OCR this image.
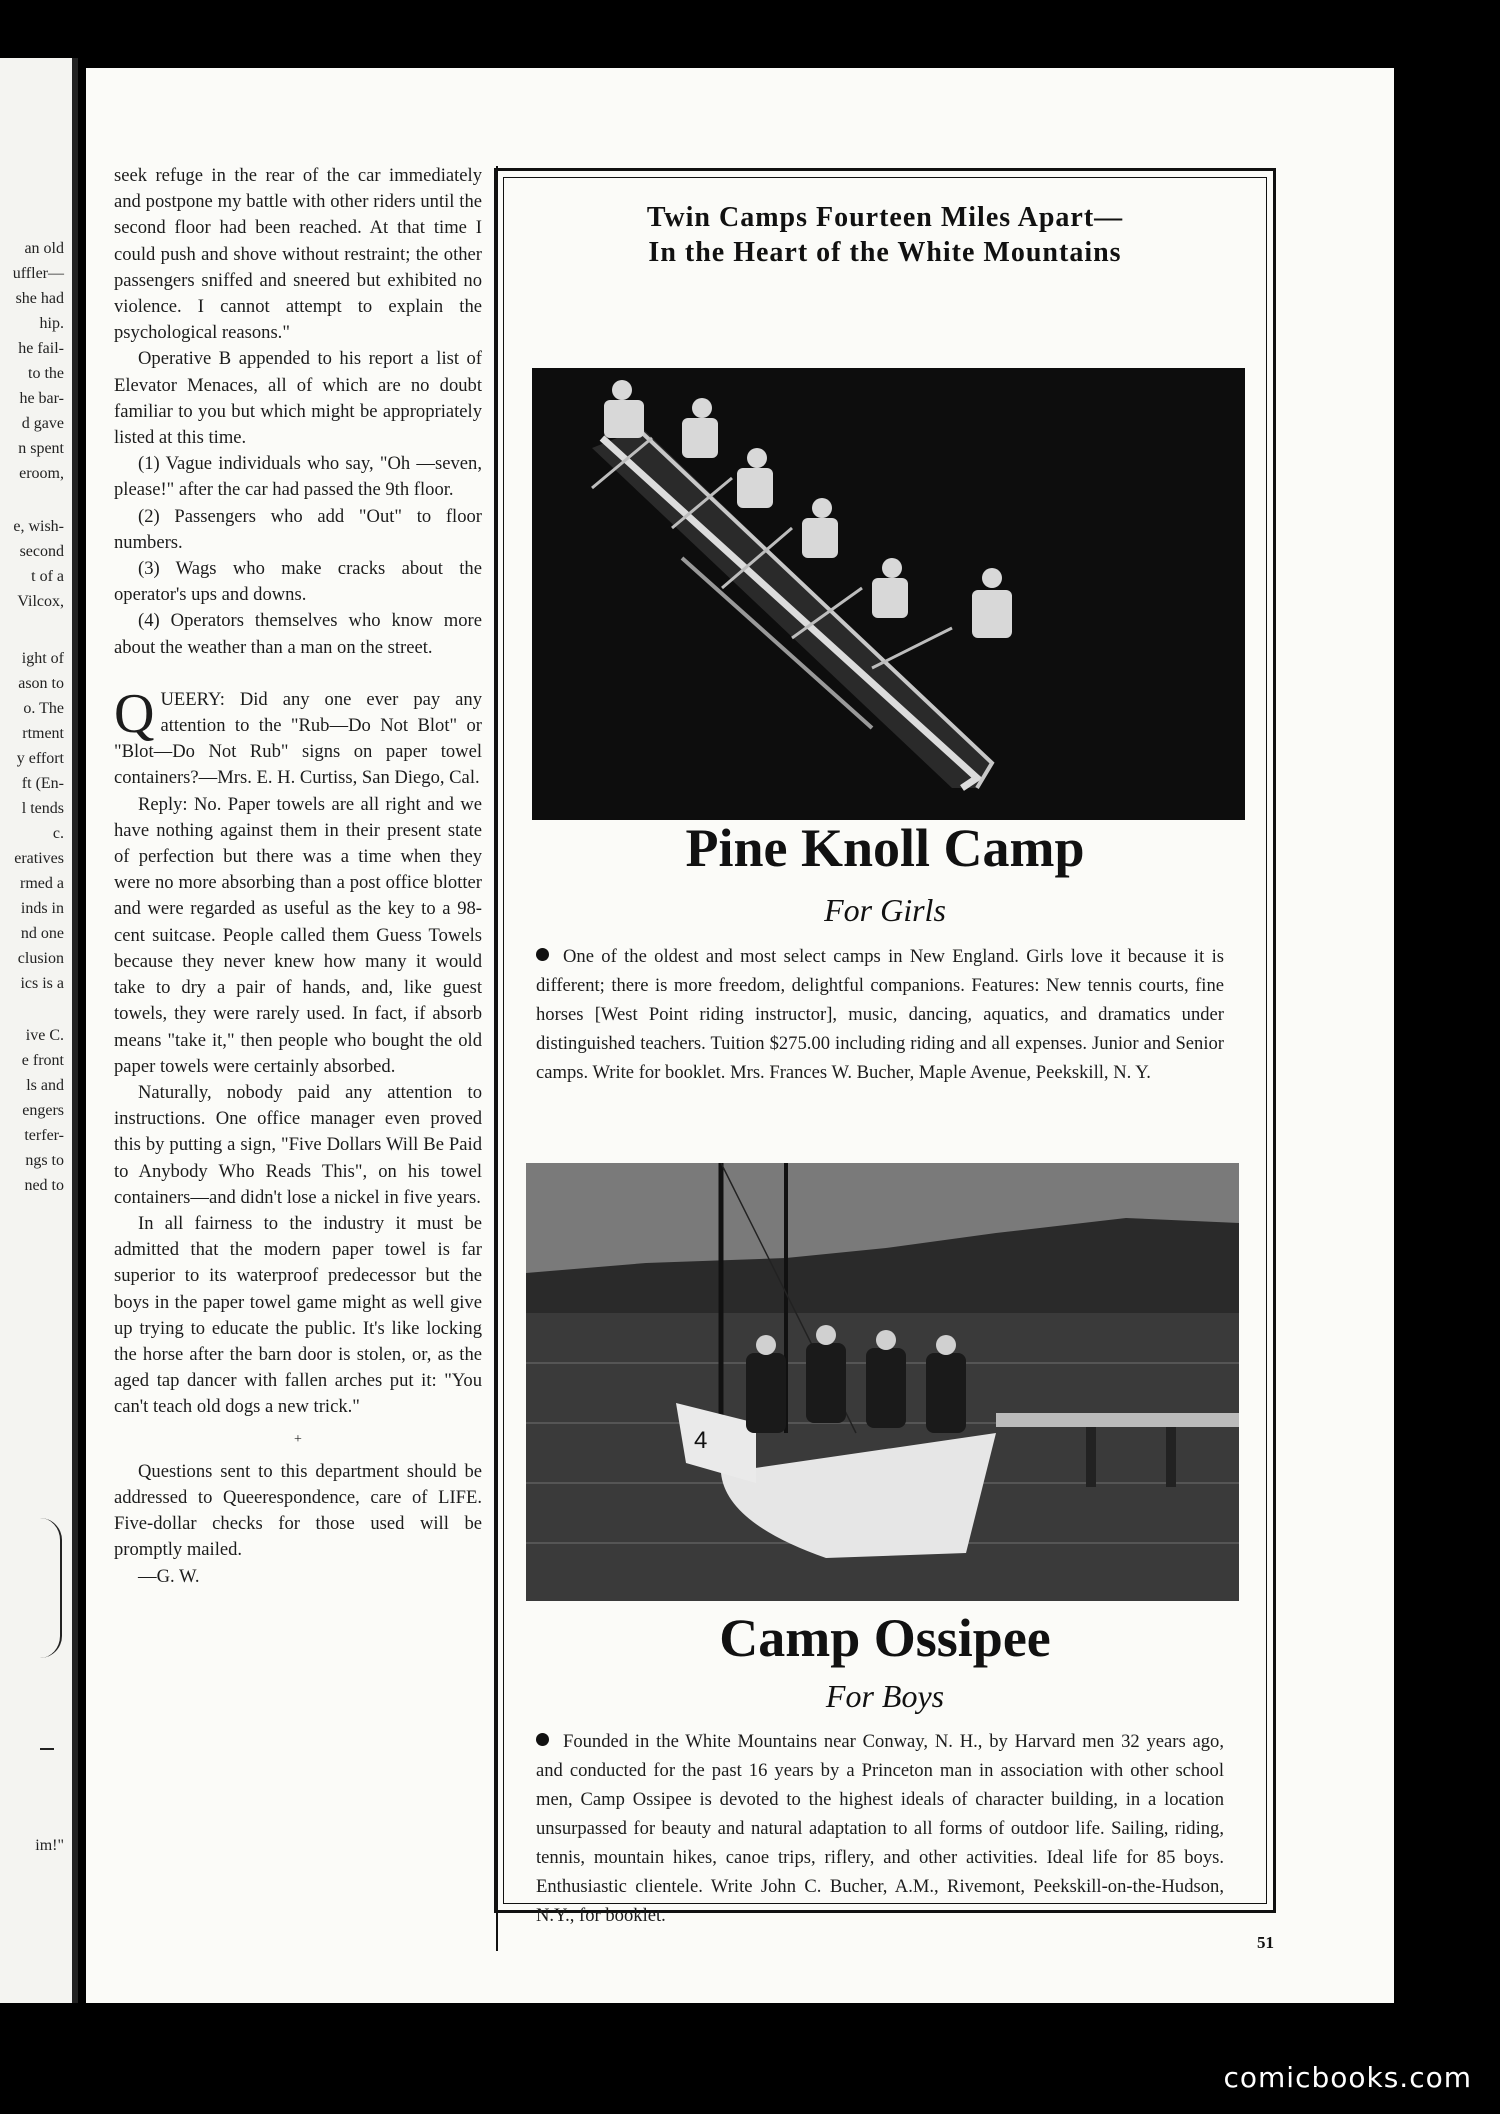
an old
uffler—
she had
hip.
he fail-
to the
he bar-
d gave
n spent
eroom,
e, wish-
second
t of a
Vilcox,
ight of
ason to
o. The
rtment
y effort
ft (En-
l tends
c.
eratives
rmed a
inds in
nd one
clusion
ics is a
ive C.
e front
ls and
engers
terfer-
ngs to
ned to
im!"

seek refuge in the rear of the car immediately and postpone my battle with other riders until the second floor had been reached. At that time I could push and shove without restraint; the other passengers sniffed and sneered but exhibited no violence. I cannot attempt to explain the psychological reasons."

Operative B appended to his report a list of Elevator Menaces, all of which are no doubt familiar to you but which might be appropriately listed at this time.

(1) Vague individuals who say, "Oh —seven, please!" after the car had passed the 9th floor.

(2) Passengers who add "Out" to floor numbers.

(3) Wags who make cracks about the operator's ups and downs.

(4) Operators themselves who know more about the weather than a man on the street.

QUEERY: Did any one ever pay any attention to the "Rub—Do Not Blot" or "Blot—Do Not Rub" signs on paper towel containers?—Mrs. E. H. Curtiss, San Diego, Cal.

Reply: No. Paper towels are all right and we have nothing against them in their present state of perfection but there was a time when they were no more absorbing than a post office blotter and were regarded as useful as the key to a 98-cent suitcase. People called them Guess Towels because they never knew how many it would take to dry a pair of hands, and, like guest towels, they were rarely used. In fact, if absorb means "take it," then people who bought the old paper towels were certainly absorbed.

Naturally, nobody paid any attention to instructions. One office manager even proved this by putting a sign, "Five Dollars Will Be Paid to Anybody Who Reads This", on his towel containers—and didn't lose a nickel in five years.

In all fairness to the industry it must be admitted that the modern paper towel is far superior to its waterproof predecessor but the boys in the paper towel game might as well give up trying to educate the public. It's like locking the horse after the barn door is stolen, or, as the aged tap dancer with fallen arches put it: "You can't teach old dogs a new trick."

+

Questions sent to this department should be addressed to Queerespondence, care of LIFE. Five-dollar checks for those used will be promptly mailed.

—G. W.

Twin Camps Fourteen Miles Apart—
In the Heart of the White Mountains
Pine Knoll Camp
For Girls
One of the oldest and most select camps in New England. Girls love it because it is different; there is more freedom, delightful companions. Features: New tennis courts, fine horses [West Point riding instructor], music, dancing, aquatics, and dramatics under distinguished teachers. Tuition $275.00 including riding and all expenses. Junior and Senior camps. Write for booklet. Mrs. Frances W. Bucher, Maple Avenue, Peekskill, N. Y.
4
Camp Ossipee
For Boys
Founded in the White Mountains near Conway, N. H., by Harvard men 32 years ago, and conducted for the past 16 years by a Princeton man in association with other school men, Camp Ossipee is devoted to the highest ideals of character building, in a location unsurpassed for beauty and natural adaptation to all forms of outdoor life. Sailing, riding, tennis, mountain hikes, canoe trips, riflery, and other activities. Ideal life for 85 boys. Enthusiastic clientele. Write John C. Bucher, A.M., Rivemont, Peekskill-on-the-Hudson, N.Y., for booklet.
51
comicbooks.com
